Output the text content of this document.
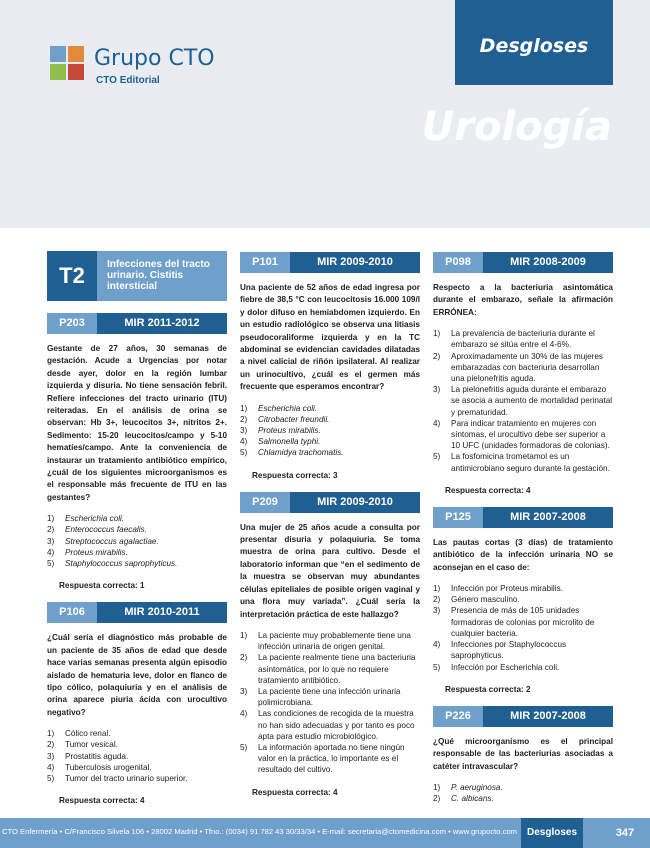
Grupo CTO
CTO Editorial
Desgloses
Urología
T2	Infecciones del tracto urinario. Cistitis intersticial
P203	MIR 2011-2012
Gestante de 27 años, 30 semanas de gestación. Acude a Urgencias por notar desde ayer, dolor en la región lumbar izquierda y disuria. No tiene sensación febril. Refiere infecciones del tracto urinario (ITU) reiteradas. En el análisis de orina se observan: Hb 3+, leucocitos 3+, nitritos 2+. Sedimento: 15-20 leucocitos/campo y 5-10 hematíes/campo. Ante la conveniencia de instaurar un tratamiento antibiótico empírico, ¿cuál de los siguientes microorganismos es el responsable más frecuente de ITU en las gestantes?
1) Escherichia coli.
2) Enterococcus faecalis.
3) Streptococcus agalactiae.
4) Proteus mirabilis.
5) Staphylococcus saprophyticus.
Respuesta correcta: 1
P106	MIR 2010-2011
¿Cuál sería el diagnóstico más probable de un paciente de 35 años de edad que desde hace varias semanas presenta algún episodio aislado de hematuria leve, dolor en flanco de tipo cólico, polaquiuria y en el análisis de orina aparece piuria ácida con urocultivo negativo?
1) Cólico renal.
2) Tumor vesical.
3) Prostatitis aguda.
4) Tuberculosis urogenital.
5) Tumor del tracto urinario superior.
Respuesta correcta: 4
P101	MIR 2009-2010
Una paciente de 52 años de edad ingresa por fiebre de 38,5 °C con leucocitosis 16.000 109/l y dolor difuso en hemiabdomen izquierdo. En un estudio radiológico se observa una litiasis pseudocoraliforme izquierda y en la TC abdominal se evidencian cavidades dilatadas a nivel calicial de riñón ipsilateral. Al realizar un urinocultivo, ¿cuál es el germen más frecuente que esperamos encontrar?
1) Escherichia coli.
2) Citrobacter freundii.
3) Proteus mirabilis.
4) Salmonella typhi.
5) Chlamidya trachomatis.
Respuesta correcta: 3
P209	MIR 2009-2010
Una mujer de 25 años acude a consulta por presentar disuria y polaquiuria. Se toma muestra de orina para cultivo. Desde el laboratorio informan que “en el sedimento de la muestra se observan muy abundantes células epiteliales de posible origen vaginal y una flora muy variada”. ¿Cuál sería la interpretación práctica de este hallazgo?
1) La paciente muy probablemente tiene una infección urinaria de origen genital.
2) La paciente realmente tiene una bacteriuria asintomática, por lo que no requiere tratamiento antibiótico.
3) La paciente tiene una infección urinaria polimicrobiana.
4) Las condiciones de recogida de la muestra no han sido adecuadas y por tanto es poco apta para estudio microbiológico.
5) La información aportada no tiene ningún valor en la práctica, lo importante es el resultado del cultivo.
Respuesta correcta: 4
P098	MIR 2008-2009
Respecto a la bacteriuria asintomática durante el embarazo, señale la afirmación ERRÓNEA:
1) La prevalencia de bacteriuria durante el embarazo se sitúa entre el 4-6%.
2) Aproximadamente un 30% de las mujeres embarazadas con bacteriuria desarrollan una pielonefritis aguda.
3) La pielonefritis aguda durante el embarazo se asocia a aumento de mortalidad perinatal y prematuridad.
4) Para indicar tratamiento en mujeres con síntomas, el urocultivo debe ser superior a 10 UFC (unidades formadoras de colonias).
5) La fosfomicina trometamol es un antimicrobiano seguro durante la gestación.
Respuesta correcta: 4
P125	MIR 2007-2008
Las pautas cortas (3 días) de tratamiento antibiótico de la infección urinaria NO se aconsejan en el caso de:
1) Infección por Proteus mirabilis.
2) Género masculino.
3) Presencia de más de 105 unidades formadoras de colonias por microlito de cualquier bacteria.
4) Infecciones por Staphylococcus saprophyticus.
5) Infección por Escherichia coli.
Respuesta correcta: 2
P226	MIR 2007-2008
¿Qué microorganismo es el principal responsable de las bacteriurias asociadas a catéter intravascular?
1) P. aeruginosa.
2) C. albicans.
CTO Enfermería • C/Francisco Silvela 106 • 28002 Madrid • Tfno.: (0034) 91 782 43 30/33/34 • E-mail: secretaria@ctomedicina.com • www.grupocto.com	Desgloses	347
